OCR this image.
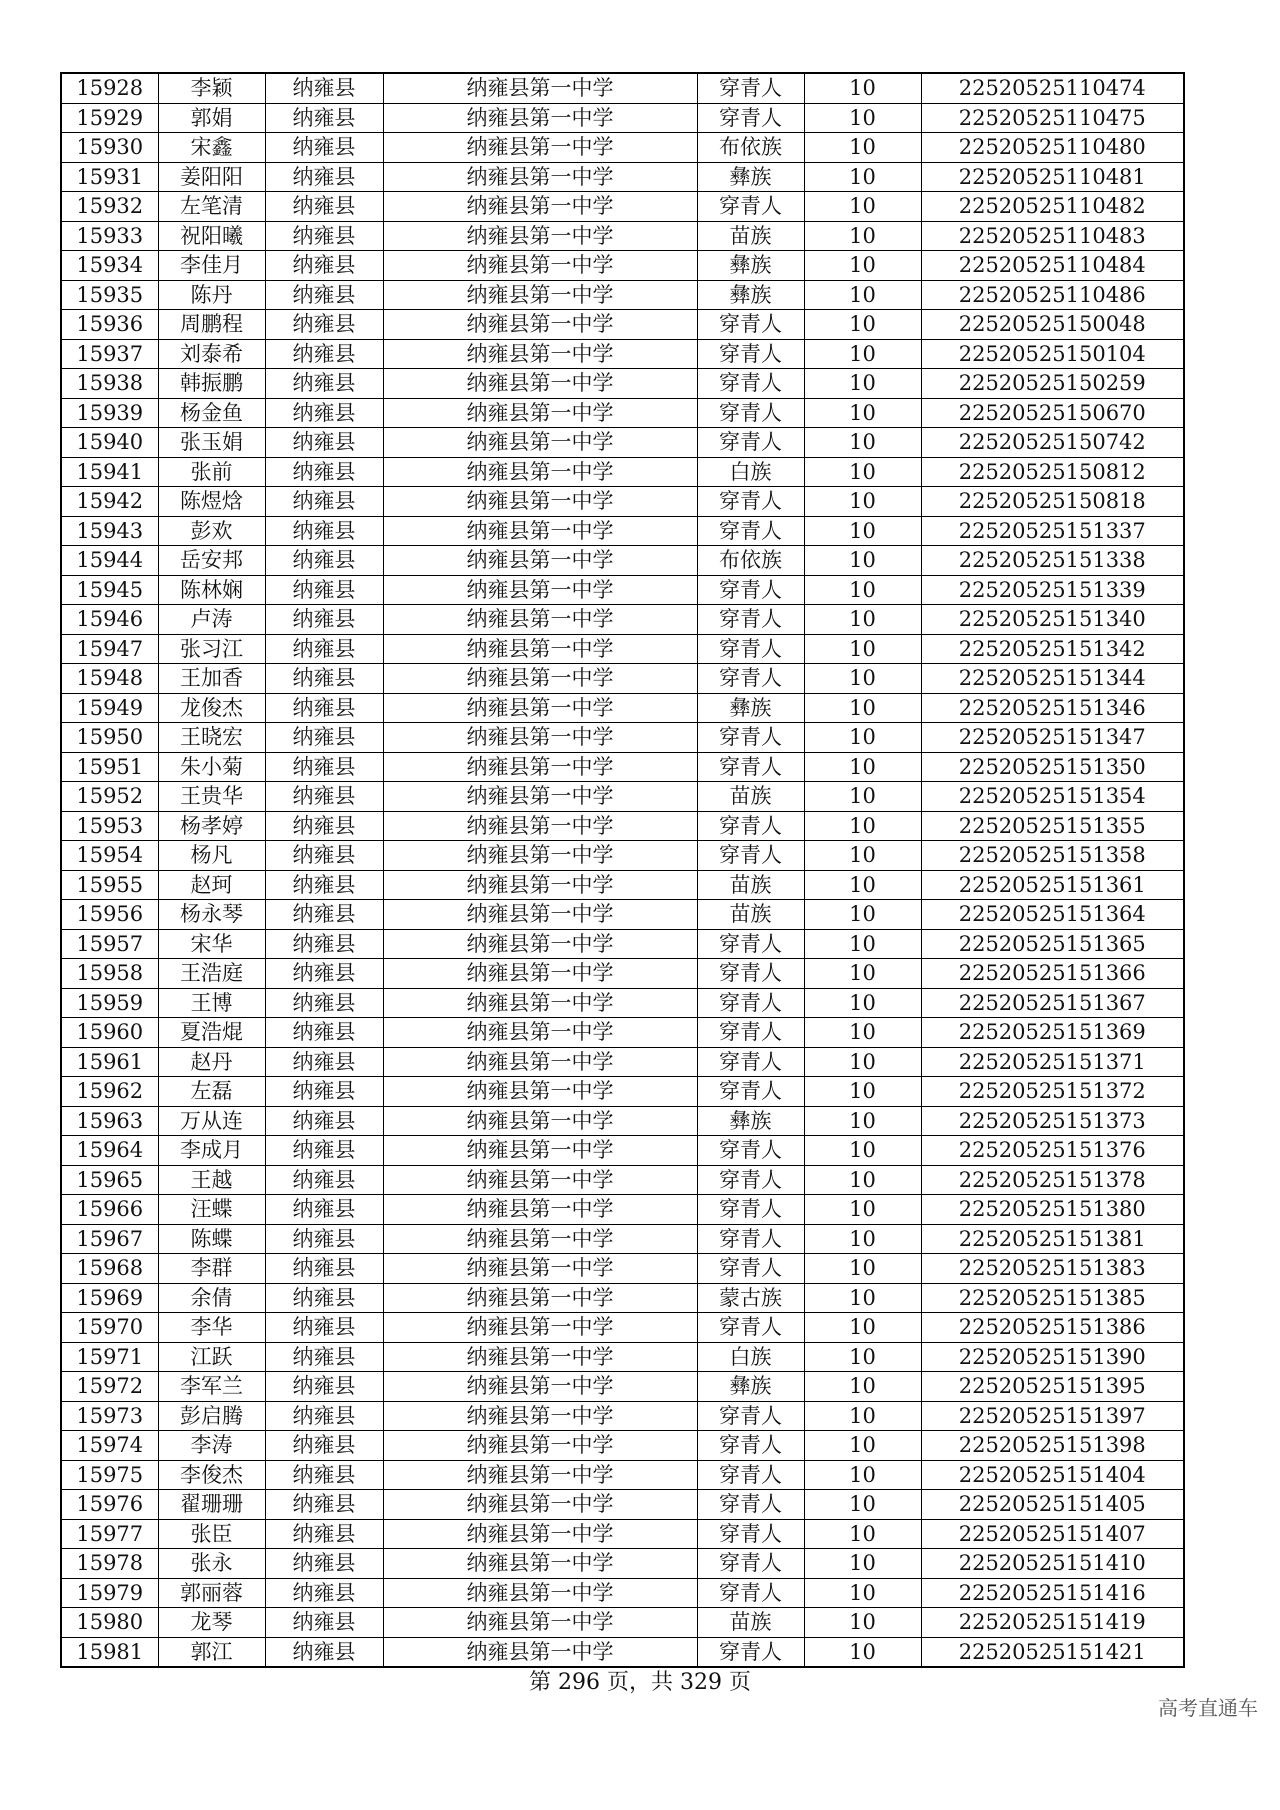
15928	李颖	纳雍县	纳雍县第一中学	穿青人	10	22520525110474
15929	郭娟	纳雍县	纳雍县第一中学	穿青人	10	22520525110475
15930	宋鑫	纳雍县	纳雍县第一中学	布依族	10	22520525110480
15931	姜阳阳	纳雍县	纳雍县第一中学	彝族	10	22520525110481
15932	左笔清	纳雍县	纳雍县第一中学	穿青人	10	22520525110482
15933	祝阳曦	纳雍县	纳雍县第一中学	苗族	10	22520525110483
15934	李佳月	纳雍县	纳雍县第一中学	彝族	10	22520525110484
15935	陈丹	纳雍县	纳雍县第一中学	彝族	10	22520525110486
15936	周鹏程	纳雍县	纳雍县第一中学	穿青人	10	22520525150048
15937	刘泰希	纳雍县	纳雍县第一中学	穿青人	10	22520525150104
15938	韩振鹏	纳雍县	纳雍县第一中学	穿青人	10	22520525150259
15939	杨金鱼	纳雍县	纳雍县第一中学	穿青人	10	22520525150670
15940	张玉娟	纳雍县	纳雍县第一中学	穿青人	10	22520525150742
15941	张前	纳雍县	纳雍县第一中学	白族	10	22520525150812
15942	陈煜焓	纳雍县	纳雍县第一中学	穿青人	10	22520525150818
15943	彭欢	纳雍县	纳雍县第一中学	穿青人	10	22520525151337
15944	岳安邦	纳雍县	纳雍县第一中学	布依族	10	22520525151338
15945	陈林娴	纳雍县	纳雍县第一中学	穿青人	10	22520525151339
15946	卢涛	纳雍县	纳雍县第一中学	穿青人	10	22520525151340
15947	张习江	纳雍县	纳雍县第一中学	穿青人	10	22520525151342
15948	王加香	纳雍县	纳雍县第一中学	穿青人	10	22520525151344
15949	龙俊杰	纳雍县	纳雍县第一中学	彝族	10	22520525151346
15950	王晓宏	纳雍县	纳雍县第一中学	穿青人	10	22520525151347
15951	朱小菊	纳雍县	纳雍县第一中学	穿青人	10	22520525151350
15952	王贵华	纳雍县	纳雍县第一中学	苗族	10	22520525151354
15953	杨孝婷	纳雍县	纳雍县第一中学	穿青人	10	22520525151355
15954	杨凡	纳雍县	纳雍县第一中学	穿青人	10	22520525151358
15955	赵珂	纳雍县	纳雍县第一中学	苗族	10	22520525151361
15956	杨永琴	纳雍县	纳雍县第一中学	苗族	10	22520525151364
15957	宋华	纳雍县	纳雍县第一中学	穿青人	10	22520525151365
15958	王浩庭	纳雍县	纳雍县第一中学	穿青人	10	22520525151366
15959	王博	纳雍县	纳雍县第一中学	穿青人	10	22520525151367
15960	夏浩焜	纳雍县	纳雍县第一中学	穿青人	10	22520525151369
15961	赵丹	纳雍县	纳雍县第一中学	穿青人	10	22520525151371
15962	左磊	纳雍县	纳雍县第一中学	穿青人	10	22520525151372
15963	万从连	纳雍县	纳雍县第一中学	彝族	10	22520525151373
15964	李成月	纳雍县	纳雍县第一中学	穿青人	10	22520525151376
15965	王越	纳雍县	纳雍县第一中学	穿青人	10	22520525151378
15966	汪蝶	纳雍县	纳雍县第一中学	穿青人	10	22520525151380
15967	陈蝶	纳雍县	纳雍县第一中学	穿青人	10	22520525151381
15968	李群	纳雍县	纳雍县第一中学	穿青人	10	22520525151383
15969	余倩	纳雍县	纳雍县第一中学	蒙古族	10	22520525151385
15970	李华	纳雍县	纳雍县第一中学	穿青人	10	22520525151386
15971	江跃	纳雍县	纳雍县第一中学	白族	10	22520525151390
15972	李军兰	纳雍县	纳雍县第一中学	彝族	10	22520525151395
15973	彭启腾	纳雍县	纳雍县第一中学	穿青人	10	22520525151397
15974	李涛	纳雍县	纳雍县第一中学	穿青人	10	22520525151398
15975	李俊杰	纳雍县	纳雍县第一中学	穿青人	10	22520525151404
15976	翟珊珊	纳雍县	纳雍县第一中学	穿青人	10	22520525151405
15977	张臣	纳雍县	纳雍县第一中学	穿青人	10	22520525151407
15978	张永	纳雍县	纳雍县第一中学	穿青人	10	22520525151410
15979	郭丽蓉	纳雍县	纳雍县第一中学	穿青人	10	22520525151416
15980	龙琴	纳雍县	纳雍县第一中学	苗族	10	22520525151419
15981	郭江	纳雍县	纳雍县第一中学	穿青人	10	22520525151421
第 296 页，共 329 页
高考直通车
